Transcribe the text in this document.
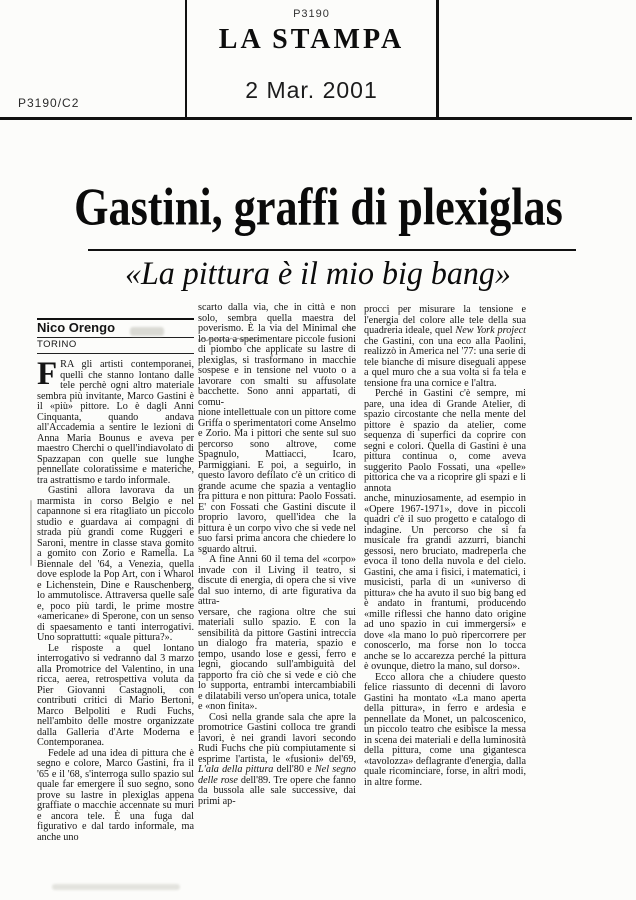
P3190
LA STAMPA
2 Mar. 2001
P3190/C2
Gastini, graffi di plexiglas
«La pittura è il mio big bang»
Nico Orengo
TORINO

FRA gli artisti contemporanei, quelli che stanno lontano dalle tele perchè ogni altro materiale sembra più invitante, Marco Gastini è il «più» pittore. Lo è dagli Anni Cinquanta, quando andava all'Accademia a sentire le lezioni di Anna Maria Bounus e aveva per maestro Cherchi o quell'indiavolato di Spazzapan con quelle sue lunghe pennellate coloratissime e materiche, tra astrattismo e tardo informale.

Gastini allora lavorava da un marmista in corso Belgio e nel capannone si era ritagliato un piccolo studio e guardava ai compagni di strada più grandi come Ruggeri e Saroni, mentre in classe stava gomito a gomito con Zorio e Ramella. La Biennale del '64, a Venezia, quella dove esplode la Pop Art, con i Wharol e Lichenstein, Dine e Rauschenberg, lo ammutolisce. Attraversa quelle sale e, poco più tardi, le prime mostre «americane» di Sperone, con un senso di spaesamento e tanti interrogativi. Uno soprattutti: «quale pittura?».

Le risposte a quel lontano interrogativo si vedranno dal 3 marzo alla Promotrice del Valentino, in una ricca, aerea, retrospettiva voluta da Pier Giovanni Castagnoli, con contributi critici di Mario Bertoni, Marco Belpoliti e Rudi Fuchs, nell'ambito delle mostre organizzate dalla Galleria d'Arte Moderna e Contemporanea.

Fedele ad una idea di pittura che è segno e colore, Marco Gastini, fra il '65 e il '68, s'interroga sullo spazio sul quale far emergere il suo segno, sono prove su lastre in plexiglas appena graffiate o macchie accennate su muri e ancora tele. È una fuga dal figurativo e dal tardo informale, ma anche uno

scarto dalla via, che in città e non solo, sembra quella maestra del poverismo. È la via del Minimal che lo porta a sperimentare piccole fusioni di piombo che applicate su lastre di plexiglas, si trasformano in macchie sospese e in tensione nel vuoto o a lavorare con smalti su affusolate bacchette. Sono anni appartati, di comu-

nione intellettuale con un pittore come Griffa o sperimentatori come Anselmo e Zorio. Ma i pittori che sente sul suo percorso sono altrove, come Spagnulo, Mattiacci, Icaro, Parmiggiani. E poi, a seguirlo, in questo lavoro defilato c'è un critico di grande acume che spazia a ventaglio fra pittura e non pittura: Paolo Fossati. E' con Fossati che Gastini discute il proprio lavoro, quell'idea che la pittura è un corpo vivo che si vede nel suo farsi prima ancora che chiedere lo sguardo altrui.

A fine Anni 60 il tema del «corpo» invade con il Living il teatro, si discute di energia, di opera che si vive dal suo interno, di arte figurativa da attra-

versare, che ragiona oltre che sui materiali sullo spazio. E con la sensibilità da pittore Gastini intreccia un dialogo fra materia, spazio e tempo, usando lose e gessi, ferro e legni, giocando sull'ambiguità del rapporto fra ciò che si vede e ciò che lo supporta, entrambi intercambiabili e dilatabili verso un'opera unica, totale e «non finita».

Così nella grande sala che apre la promotrice Gastini colloca tre grandi lavori, è nei grandi lavori secondo Rudi Fuchs che più compiutamente si esprime l'artista, le «fusioni» del'69, L'ala della pittura dell'80 e Nel segno delle rose dell'89. Tre opere che fanno da bussola alle sale successive, dai primi ap-

procci per misurare la tensione e l'energia del colore alle tele della sua quadreria ideale, quel New York project che Gastini, con una eco alla Paolini, realizzò in America nel '77: una serie di tele bianche di misure diseguali appese a quel muro che a sua volta si fa tela e tensione fra una cornice e l'altra.

Perché in Gastini c'è sempre, mi pare, una idea di Grande Atelier, di spazio circostante che nella mente del pittore è spazio da atelier, come sequenza di superfici da coprire con segni e colori. Quella di Gastini è una pittura continua o, come aveva suggerito Paolo Fossati, una «pelle» pittorica che va a ricoprire gli spazi e li annota

anche, minuziosamente, ad esempio in «Opere 1967-1971», dove in piccoli quadri c'è il suo progetto e catalogo di indagine. Un percorso che si fa musicale fra grandi azzurri, bianchi gessosi, nero bruciato, madreperla che evoca il tono della nuvola e del cielo. Gastini, che ama i fisici, i matematici, i musicisti, parla di un «universo di pittura» che ha avuto il suo big bang ed è andato in frantumi, producendo «mille riflessi che hanno dato origine ad uno spazio in cui immergersi» e dove «la mano lo può ripercorrere per conoscerlo, ma forse non lo tocca anche se lo accarezza perché la pittura è ovunque, dietro la mano, sul dorso».

Ecco allora che a chiudere questo felice riassunto di decenni di lavoro Gastini ha montato «La mano aperta della pittura», in ferro e ardesia e pennellate da Monet, un palcoscenico, un piccolo teatro che esibisce la messa in scena dei materiali e della luminosità della pittura, come una gigantesca «tavolozza» deflagrante d'energia, dalla quale ricominciare, forse, in altri modi, in altre forme.
